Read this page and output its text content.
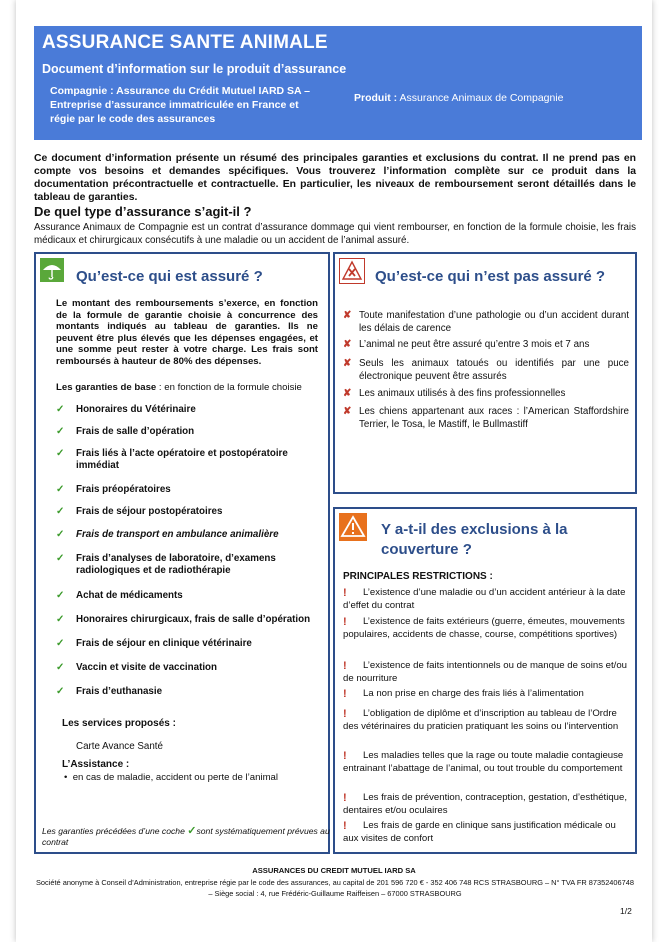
ASSURANCE SANTE ANIMALE
Document d’information sur le produit d’assurance
Compagnie : Assurance du Crédit Mutuel IARD SA – Entreprise d’assurance immatriculée en France et régie par le code des assurances
Produit : Assurance Animaux de Compagnie
Ce document d’information présente un résumé des principales garanties et exclusions du contrat. Il ne prend pas en compte vos besoins et demandes spécifiques. Vous trouverez l’information complète sur ce produit dans la documentation précontractuelle et contractuelle. En particulier, les niveaux de remboursement seront détaillés dans le tableau de garanties.
De quel type d’assurance s’agit-il ?
Assurance Animaux de Compagnie est un contrat d’assurance dommage qui vient rembourser, en fonction de la formule choisie, les frais médicaux et chirurgicaux consécutifs à une maladie ou un accident de l’animal assuré.
Qu’est-ce qui est assuré ?
Le montant des remboursements s’exerce, en fonction de la formule de garantie choisie à concurrence des montants indiqués au tableau de garanties. Ils ne peuvent être plus élevés que les dépenses engagées, et une somme peut rester à votre charge. Les frais sont remboursés à hauteur de 80% des dépenses.
Les garanties de base : en fonction de la formule choisie
✓ Honoraires du Vétérinaire
✓ Frais de salle d’opération
✓ Frais liés à l’acte opératoire et postopératoire immédiat
✓ Frais préopératoires
✓ Frais de séjour postopératoires
✓ Frais de transport en ambulance animalière
✓ Frais d’analyses de laboratoire, d’examens radiologiques et de radiothérapie
✓ Achat de médicaments
✓ Honoraires chirurgicaux, frais de salle d’opération
✓ Frais de séjour en clinique vétérinaire
✓ Vaccin et visite de vaccination
✓ Frais d’euthanasie
Les services proposés :
Carte Avance Santé
L’Assistance :
•  en cas de maladie, accident ou perte de l’animal
Les garanties précédées d’une coche ✓sont systématiquement prévues au contrat
Qu’est-ce qui n’est pas assuré ?
✘ Toute manifestation d’une pathologie ou d’un accident durant les délais de carence
✘ L’animal ne peut être assuré qu’entre 3 mois et 7 ans
✘ Seuls les animaux tatoués ou identifiés par une puce électronique peuvent être assurés
✘ Les animaux utilisés à des fins professionnelles
✘ Les chiens appartenant aux races : l’American Staffordshire Terrier, le Tosa, le Mastiff, le Bullmastiff
Y a-t-il des exclusions à la couverture ?
PRINCIPALES RESTRICTIONS :
!	L’existence d’une maladie ou d’un accident antérieur à la date d’effet du contrat
!	L’existence de faits extérieurs (guerre, émeutes, mouvements populaires, accidents de chasse, course, compétitions sportives)
!	L’existence de faits intentionnels ou de manque de soins et/ou de nourriture
!	La non prise en charge des frais liés à l’alimentation
!	L’obligation de diplôme et d’inscription au tableau de l’Ordre des vétérinaires du praticien pratiquant les soins ou l’intervention
!	Les maladies telles que la rage ou toute maladie contagieuse entrainant l’abattage de l’animal, ou tout trouble du comportement
!	Les frais de prévention, contraception, gestation, d’esthétique, dentaires et/ou oculaires
!	Les frais de garde en clinique sans justification médicale ou aux visites de confort
ASSURANCES DU CREDIT MUTUEL IARD SA
Société anonyme à Conseil d’Administration, entreprise régie par le code des assurances, au capital de 201 596 720 € - 352 406 748 RCS STRASBOURG – N° TVA FR 87352406748 – Siège social : 4, rue Frédéric-Guillaume Raiffeisen – 67000 STRASBOURG
1/2
